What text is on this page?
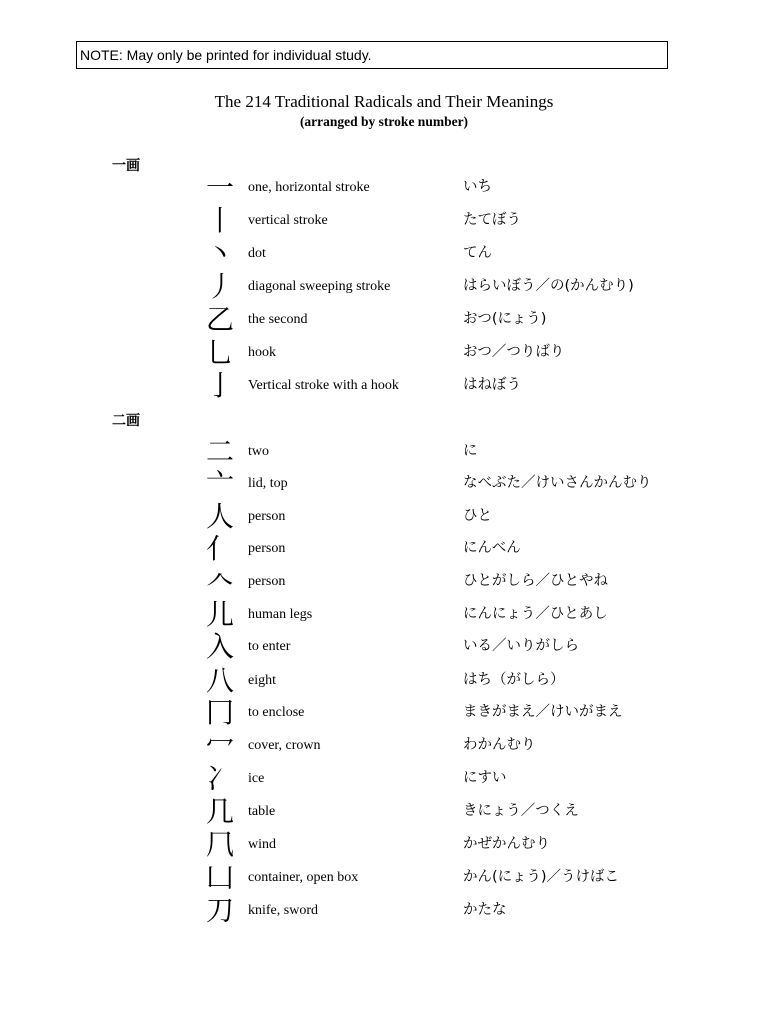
NOTE: May only be printed for individual study.
The 214 Traditional Radicals and Their Meanings
(arranged by stroke number)
一画
一	one, horizontal stroke	いち
丨	vertical stroke	たてぼう
丶	dot	てん
丿	diagonal sweeping stroke	はらいぼう／の(かんむり)
乙	the second	おつ(にょう)
乚	hook	おつ／つりばり
亅	Vertical stroke with a hook	はねぼう
二画
二	two	に
亠	lid, top	なべぶた／けいさんかんむり
人	person	ひと
亻	person	にんべん
𠆢	person	ひとがしら／ひとやね
儿	human legs	にんにょう／ひとあし
入	to enter	いる／いりがしら
八	eight	はち（がしら）
冂	to enclose	まきがまえ／けいがまえ
冖	cover, crown	わかんむり
冫	ice	にすい
几	table	きにょう／つくえ
⺇	wind	かぜかんむり
凵	container, open box	かん(にょう)／うけばこ
刀	knife, sword	かたな
